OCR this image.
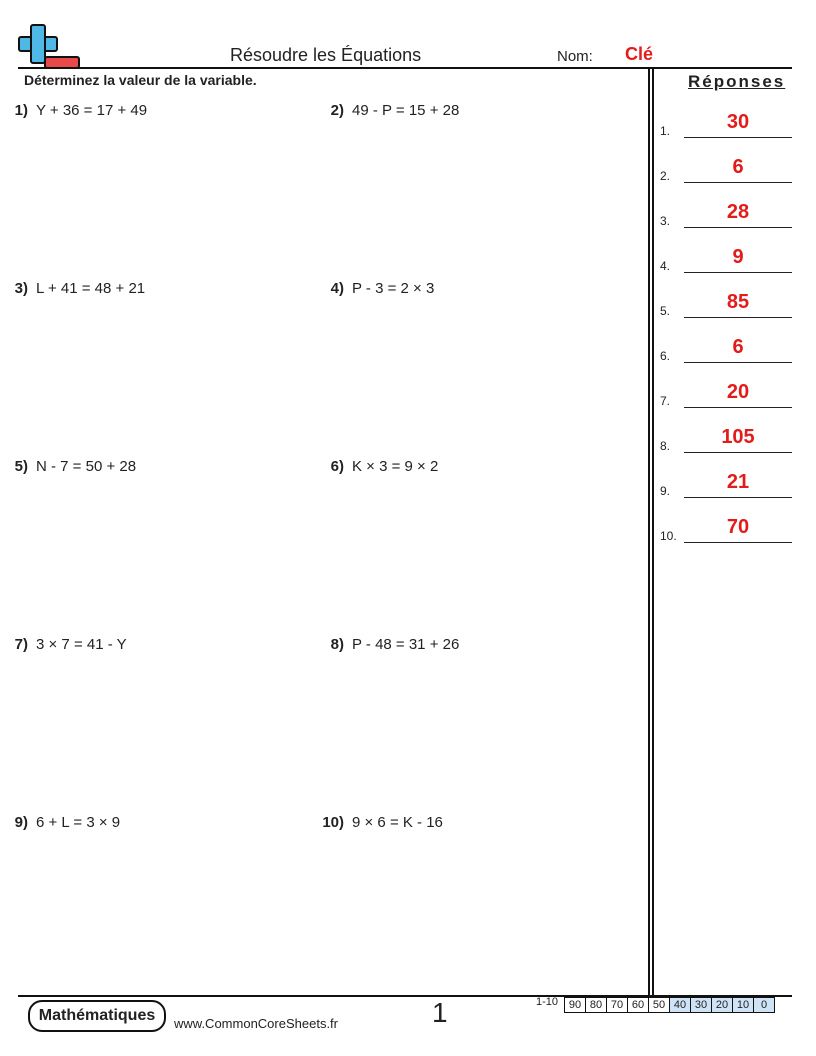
Résoudre les Équations	Nom: Clé
Déterminez la valeur de la variable.
1) Y + 36 = 17 + 49	2) 49 - P = 15 + 28
3) L + 41 = 48 + 21	4) P - 3 = 2 × 3
5) N - 7 = 50 + 28	6) K × 3 = 9 × 2
7) 3 × 7 = 41 - Y	8) P - 48 = 31 + 26
9) 6 + L = 3 × 9	10) 9 × 6 = K - 16
Réponses
1.	30
2.	6
3.	28
4.	9
5.	85
6.	6
7.	20
8.	105
9.	21
10.	70
Mathématiques	www.CommonCoreSheets.fr	1	1-10 90	80	70	60	50	40	30	20	10	0
